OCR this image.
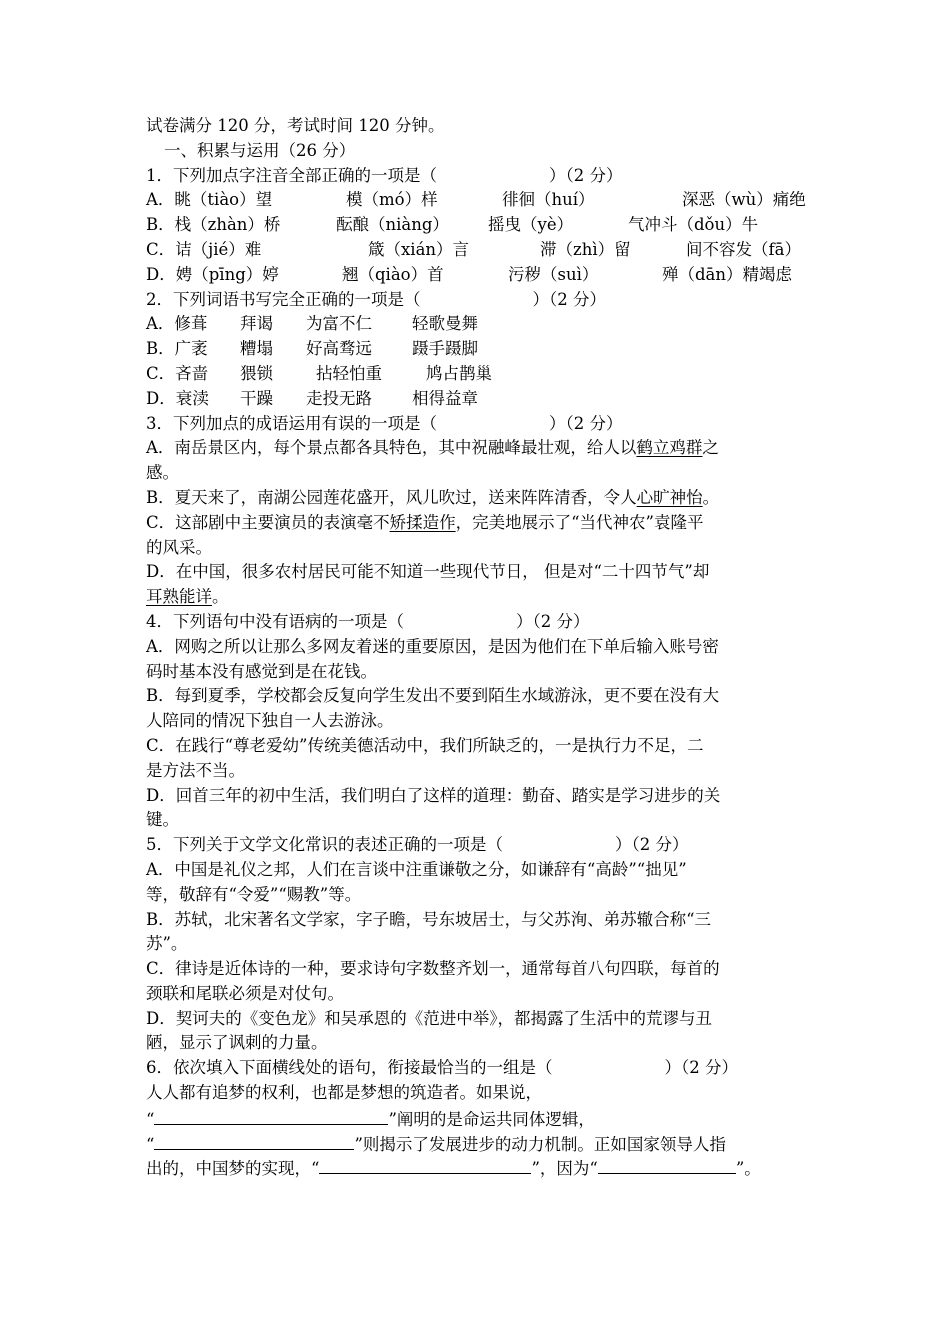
试卷满分 120 分，考试时间 120 分钟。
一、积累与运用（26 分）
1．下列加点字注音全部正确的一项是（	）（2 分）
A．眺（tiào）望	模（mó）样	徘徊（huí）	深恶（wù）痛绝
B．栈（zhàn）桥	酝酿（niàng）	摇曳（yè）	气冲斗（dǒu）牛
C．诘（jié）难	箴（xián）言	滞（zhì）留	间不容发（fā）
D．娉（pīng）婷	翘（qiào）首	污秽（suì）	殚（dān）精竭虑
2．下列词语书写完全正确的一项是（	）（2 分）
A．修葺	拜谒	为富不仁	轻歌曼舞
B．广袤	糟塌	好高骛远	蹑手蹑脚
C．吝啬	猥锁	拈轻怕重	鸠占鹊巢
D．衰渎	干躁	走投无路	相得益章
3．下列加点的成语运用有误的一项是（	）（2 分）
A．南岳景区内，每个景点都各具特色，其中祝融峰最壮观，给人以鹤立鸡群之
感。
B．夏天来了，南湖公园莲花盛开，风儿吹过，送来阵阵清香，令人心旷神怡。
C．这部剧中主要演员的表演毫不矫揉造作，完美地展示了“当代神农”袁隆平
的风采。
D．在中国，很多农村居民可能不知道一些现代节日， 但是对“二十四节气”却
耳熟能详。
4．下列语句中没有语病的一项是（	）（2 分）
A．网购之所以让那么多网友着迷的重要原因，是因为他们在下单后输入账号密
码时基本没有感觉到是在花钱。
B．每到夏季，学校都会反复向学生发出不要到陌生水域游泳，更不要在没有大
人陪同的情况下独自一人去游泳。
C．在践行“尊老爱幼”传统美德活动中，我们所缺乏的，一是执行力不足，二
是方法不当。
D．回首三年的初中生活，我们明白了这样的道理：勤奋、踏实是学习进步的关
键。
5．下列关于文学文化常识的表述正确的一项是（	）（2 分）
A．中国是礼仪之邦，人们在言谈中注重谦敬之分，如谦辞有“高龄”“拙见”
等，敬辞有“令爱”“赐教”等。
B．苏轼，北宋著名文学家，字子瞻，号东坡居士，与父苏洵、弟苏辙合称“三
苏”。
C．律诗是近体诗的一种，要求诗句字数整齐划一，通常每首八句四联，每首的
颈联和尾联必须是对仗句。
D．契诃夫的《变色龙》和吴承恩的《范进中举》，都揭露了生活中的荒谬与丑
陋，显示了讽刺的力量。
6．依次填入下面横线处的语句，衔接最恰当的一组是（	）（2 分）
人人都有追梦的权利，也都是梦想的筑造者。如果说，
“	”阐明的是命运共同体逻辑，
“	”则揭示了发展进步的动力机制。正如国家领导人指
出的，中国梦的实现，“	”，因为“	”。
